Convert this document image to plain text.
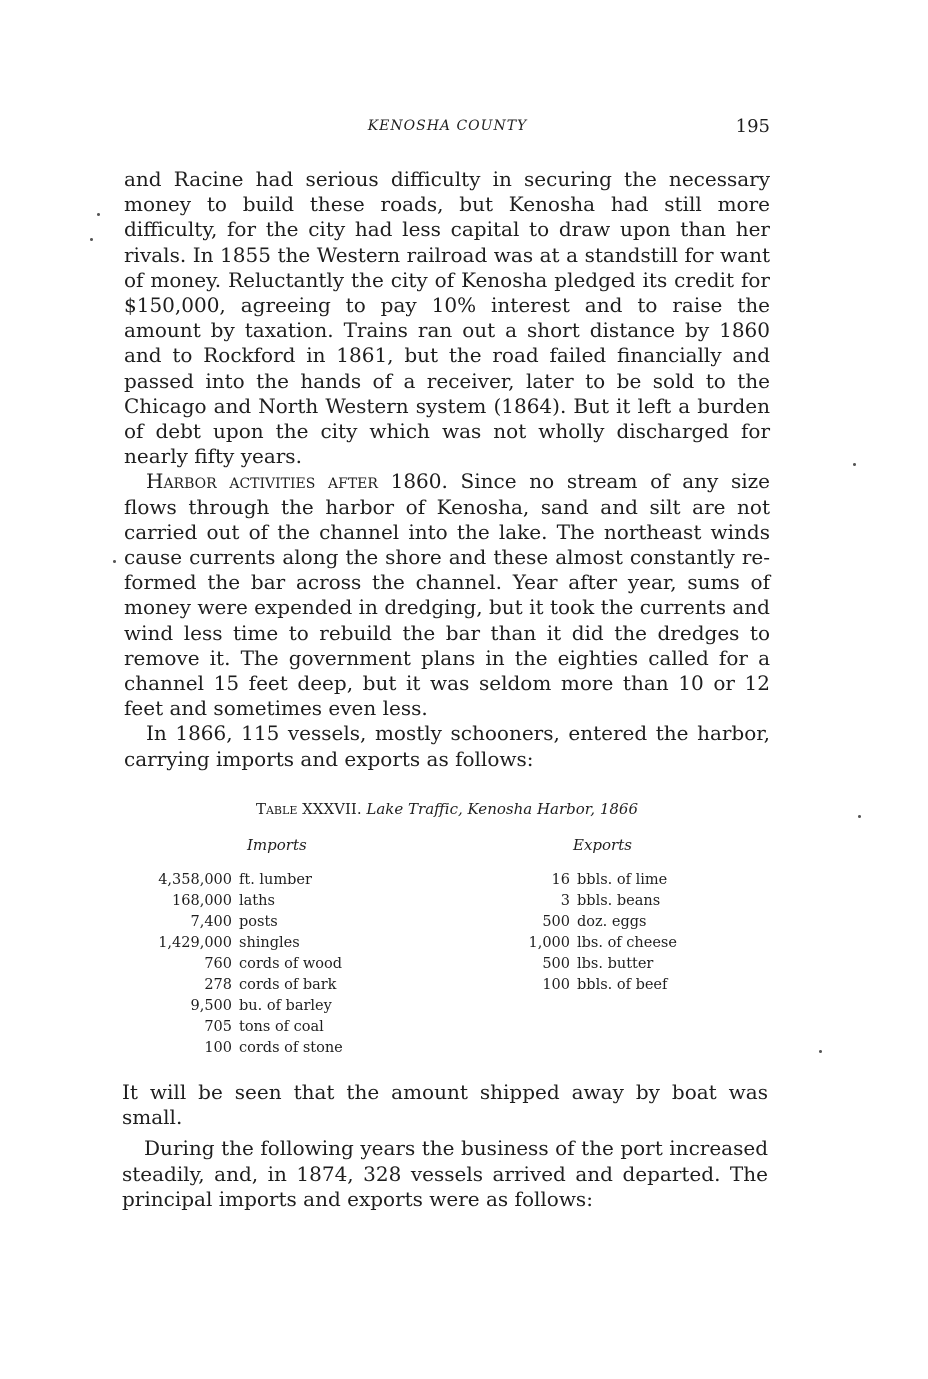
KENOSHA COUNTY	195

and Racine had serious difficulty in securing the necessary money to build these roads, but Kenosha had still more difficulty, for the city had less capital to draw upon than her rivals. In 1855 the Western railroad was at a standstill for want of money. Reluctantly the city of Kenosha pledged its credit for $150,000, agreeing to pay 10% interest and to raise the amount by taxation. Trains ran out a short distance by 1860 and to Rockford in 1861, but the road failed financially and passed into the hands of a receiver, later to be sold to the Chicago and North Western system (1864). But it left a burden of debt upon the city which was not wholly discharged for nearly fifty years.

Harbor activities after 1860. Since no stream of any size flows through the harbor of Kenosha, sand and silt are not carried out of the channel into the lake. The northeast winds cause currents along the shore and these almost constantly re-formed the bar across the channel. Year after year, sums of money were expended in dredging, but it took the currents and wind less time to rebuild the bar than it did the dredges to remove it. The government plans in the eighties called for a channel 15 feet deep, but it was seldom more than 10 or 12 feet and sometimes even less.

In 1866, 115 vessels, mostly schooners, entered the harbor, carrying imports and exports as follows:

Table XXXVII. Lake Traffic, Kenosha Harbor, 1866
Imports	Exports
4,358,000 ft. lumber
168,000 laths
7,400 posts
1,429,000 shingles
760 cords of wood
278 cords of bark
9,500 bu. of barley
705 tons of coal
100 cords of stone
16 bbls. of lime
3 bbls. beans
500 doz. eggs
1,000 lbs. of cheese
500 lbs. butter
100 bbls. of beef

It will be seen that the amount shipped away by boat was small.

During the following years the business of the port increased steadily, and, in 1874, 328 vessels arrived and departed. The principal imports and exports were as follows:
